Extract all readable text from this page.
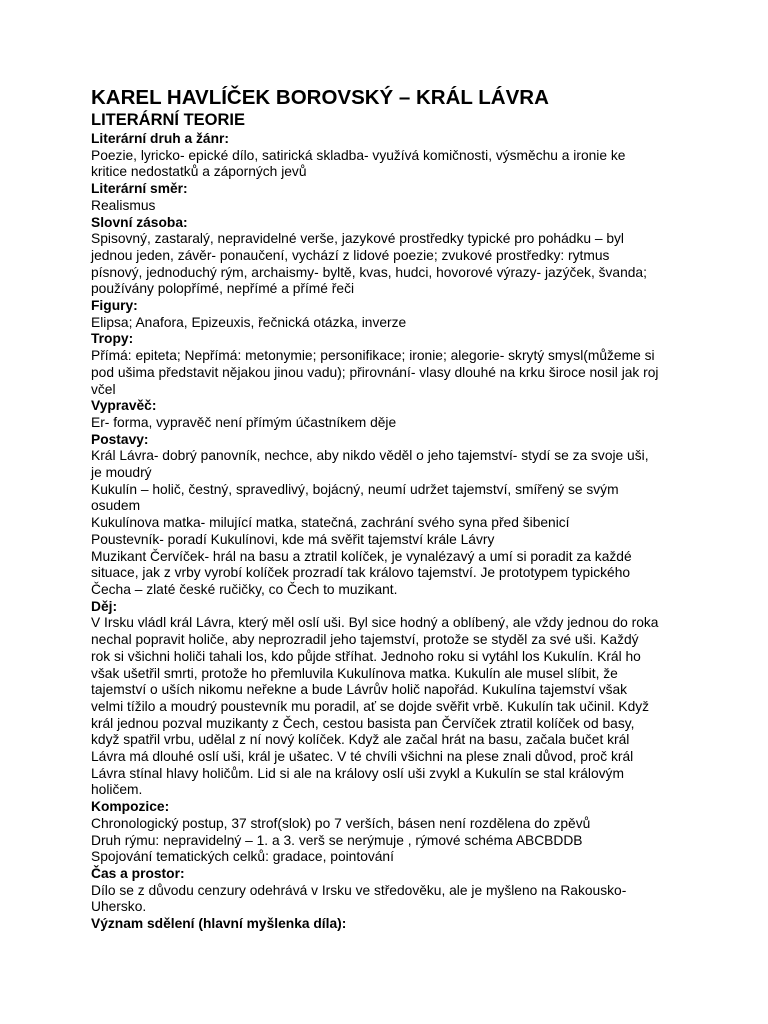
KAREL HAVLÍČEK BOROVSKÝ – KRÁL LÁVRA
LITERÁRNÍ TEORIE
Literární druh a žánr:
Poezie, lyricko- epické dílo, satirická skladba- využívá komičnosti, výsměchu a ironie ke
kritice nedostatků a záporných jevů
Literární směr:
Realismus
Slovní zásoba:
Spisovný, zastaralý, nepravidelné verše, jazykové prostředky typické pro pohádku – byl
jednou jeden, závěr- ponaučení, vychází z lidové poezie; zvukové prostředky: rytmus
písnový, jednoduchý rým, archaismy- byltě, kvas, hudci, hovorové výrazy- jazýček, švanda;
používány polopřímé, nepřímé a přímé řeči
Figury:
Elipsa; Anafora, Epizeuxis, řečnická otázka, inverze
Tropy:
Přímá: epiteta; Nepřímá: metonymie; personifikace; ironie; alegorie- skrytý smysl(můžeme si
pod ušima představit nějakou jinou vadu); přirovnání- vlasy dlouhé na krku široce nosil jak roj
včel
Vypravěč:
Er- forma, vypravěč není přímým účastníkem děje
Postavy:
Král Lávra- dobrý panovník, nechce, aby nikdo věděl o jeho tajemství- stydí se za svoje uši,
je moudrý
Kukulín – holič, čestný, spravedlivý, bojácný, neumí udržet tajemství, smířený se svým
osudem
Kukulínova matka- milující matka, statečná, zachrání svého syna před šibenicí
Poustevník- poradí Kukulínovi, kde má svěřit tajemství krále Lávry
Muzikant Červíček- hrál na basu a ztratil kolíček, je vynalézavý a umí si poradit za každé
situace, jak z vrby vyrobí kolíček prozradí tak královo tajemství. Je prototypem typického
Čecha – zlaté české ručičky, co Čech to muzikant.
Děj:
V Irsku vládl král Lávra, který měl oslí uši. Byl sice hodný a oblíbený, ale vždy jednou do roka
nechal popravit holiče, aby neprozradil jeho tajemství, protože se styděl za své uši. Každý
rok si všichni holiči tahali los, kdo půjde stříhat. Jednoho roku si vytáhl los Kukulín. Král ho
však ušetřil smrti, protože ho přemluvila Kukulínova matka. Kukulín ale musel slíbit, že
tajemství o uších nikomu neřekne a bude Lávrův holič napořád. Kukulína tajemství však
velmi tížilo a moudrý poustevník mu poradil, ať se dojde svěřit vrbě. Kukulín tak učinil. Když
král jednou pozval muzikanty z Čech, cestou basista pan Červíček ztratil kolíček od basy,
když spatřil vrbu, udělal z ní nový kolíček. Když ale začal hrát na basu, začala bučet král
Lávra má dlouhé oslí uši, král je ušatec. V té chvíli všichni na plese znali důvod, proč král
Lávra stínal hlavy holičům. Lid si ale na královy oslí uši zvykl a Kukulín se stal královým
holičem.
Kompozice:
Chronologický postup, 37 strof(slok) po 7 verších, básen není rozdělena do zpěvů
Druh rýmu: nepravidelný – 1. a 3. verš se nerýmuje , rýmové schéma ABCBDDB
Spojování tematických celků: gradace, pointování
Čas a prostor:
Dílo se z důvodu cenzury odehrává v Irsku ve středověku, ale je myšleno na Rakousko-
Uhersko.
Význam sdělení (hlavní myšlenka díla):
